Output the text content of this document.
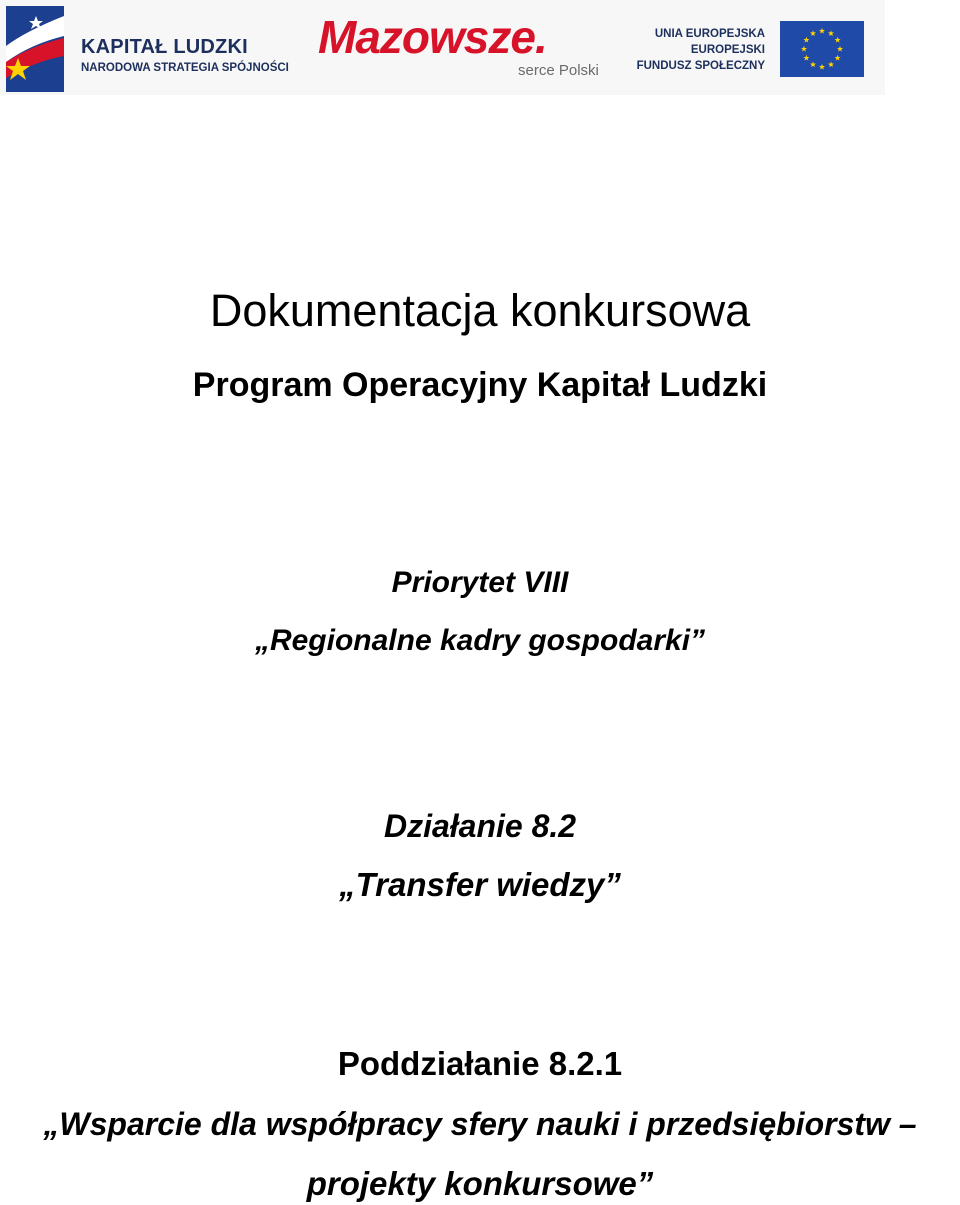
KAPITAŁ LUDZKI
NARODOWA STRATEGIA SPÓJNOŚCI
Mazowsze.
serce Polski
UNIA EUROPEJSKA
EUROPEJSKI
FUNDUSZ SPOŁECZNY
Dokumentacja konkursowa
Program Operacyjny Kapitał Ludzki
Priorytet VIII
„Regionalne kadry gospodarki”
Działanie 8.2
„Transfer wiedzy”
Poddziałanie 8.2.1
„Wsparcie dla współpracy sfery nauki i przedsiębiorstw –
projekty konkursowe”
